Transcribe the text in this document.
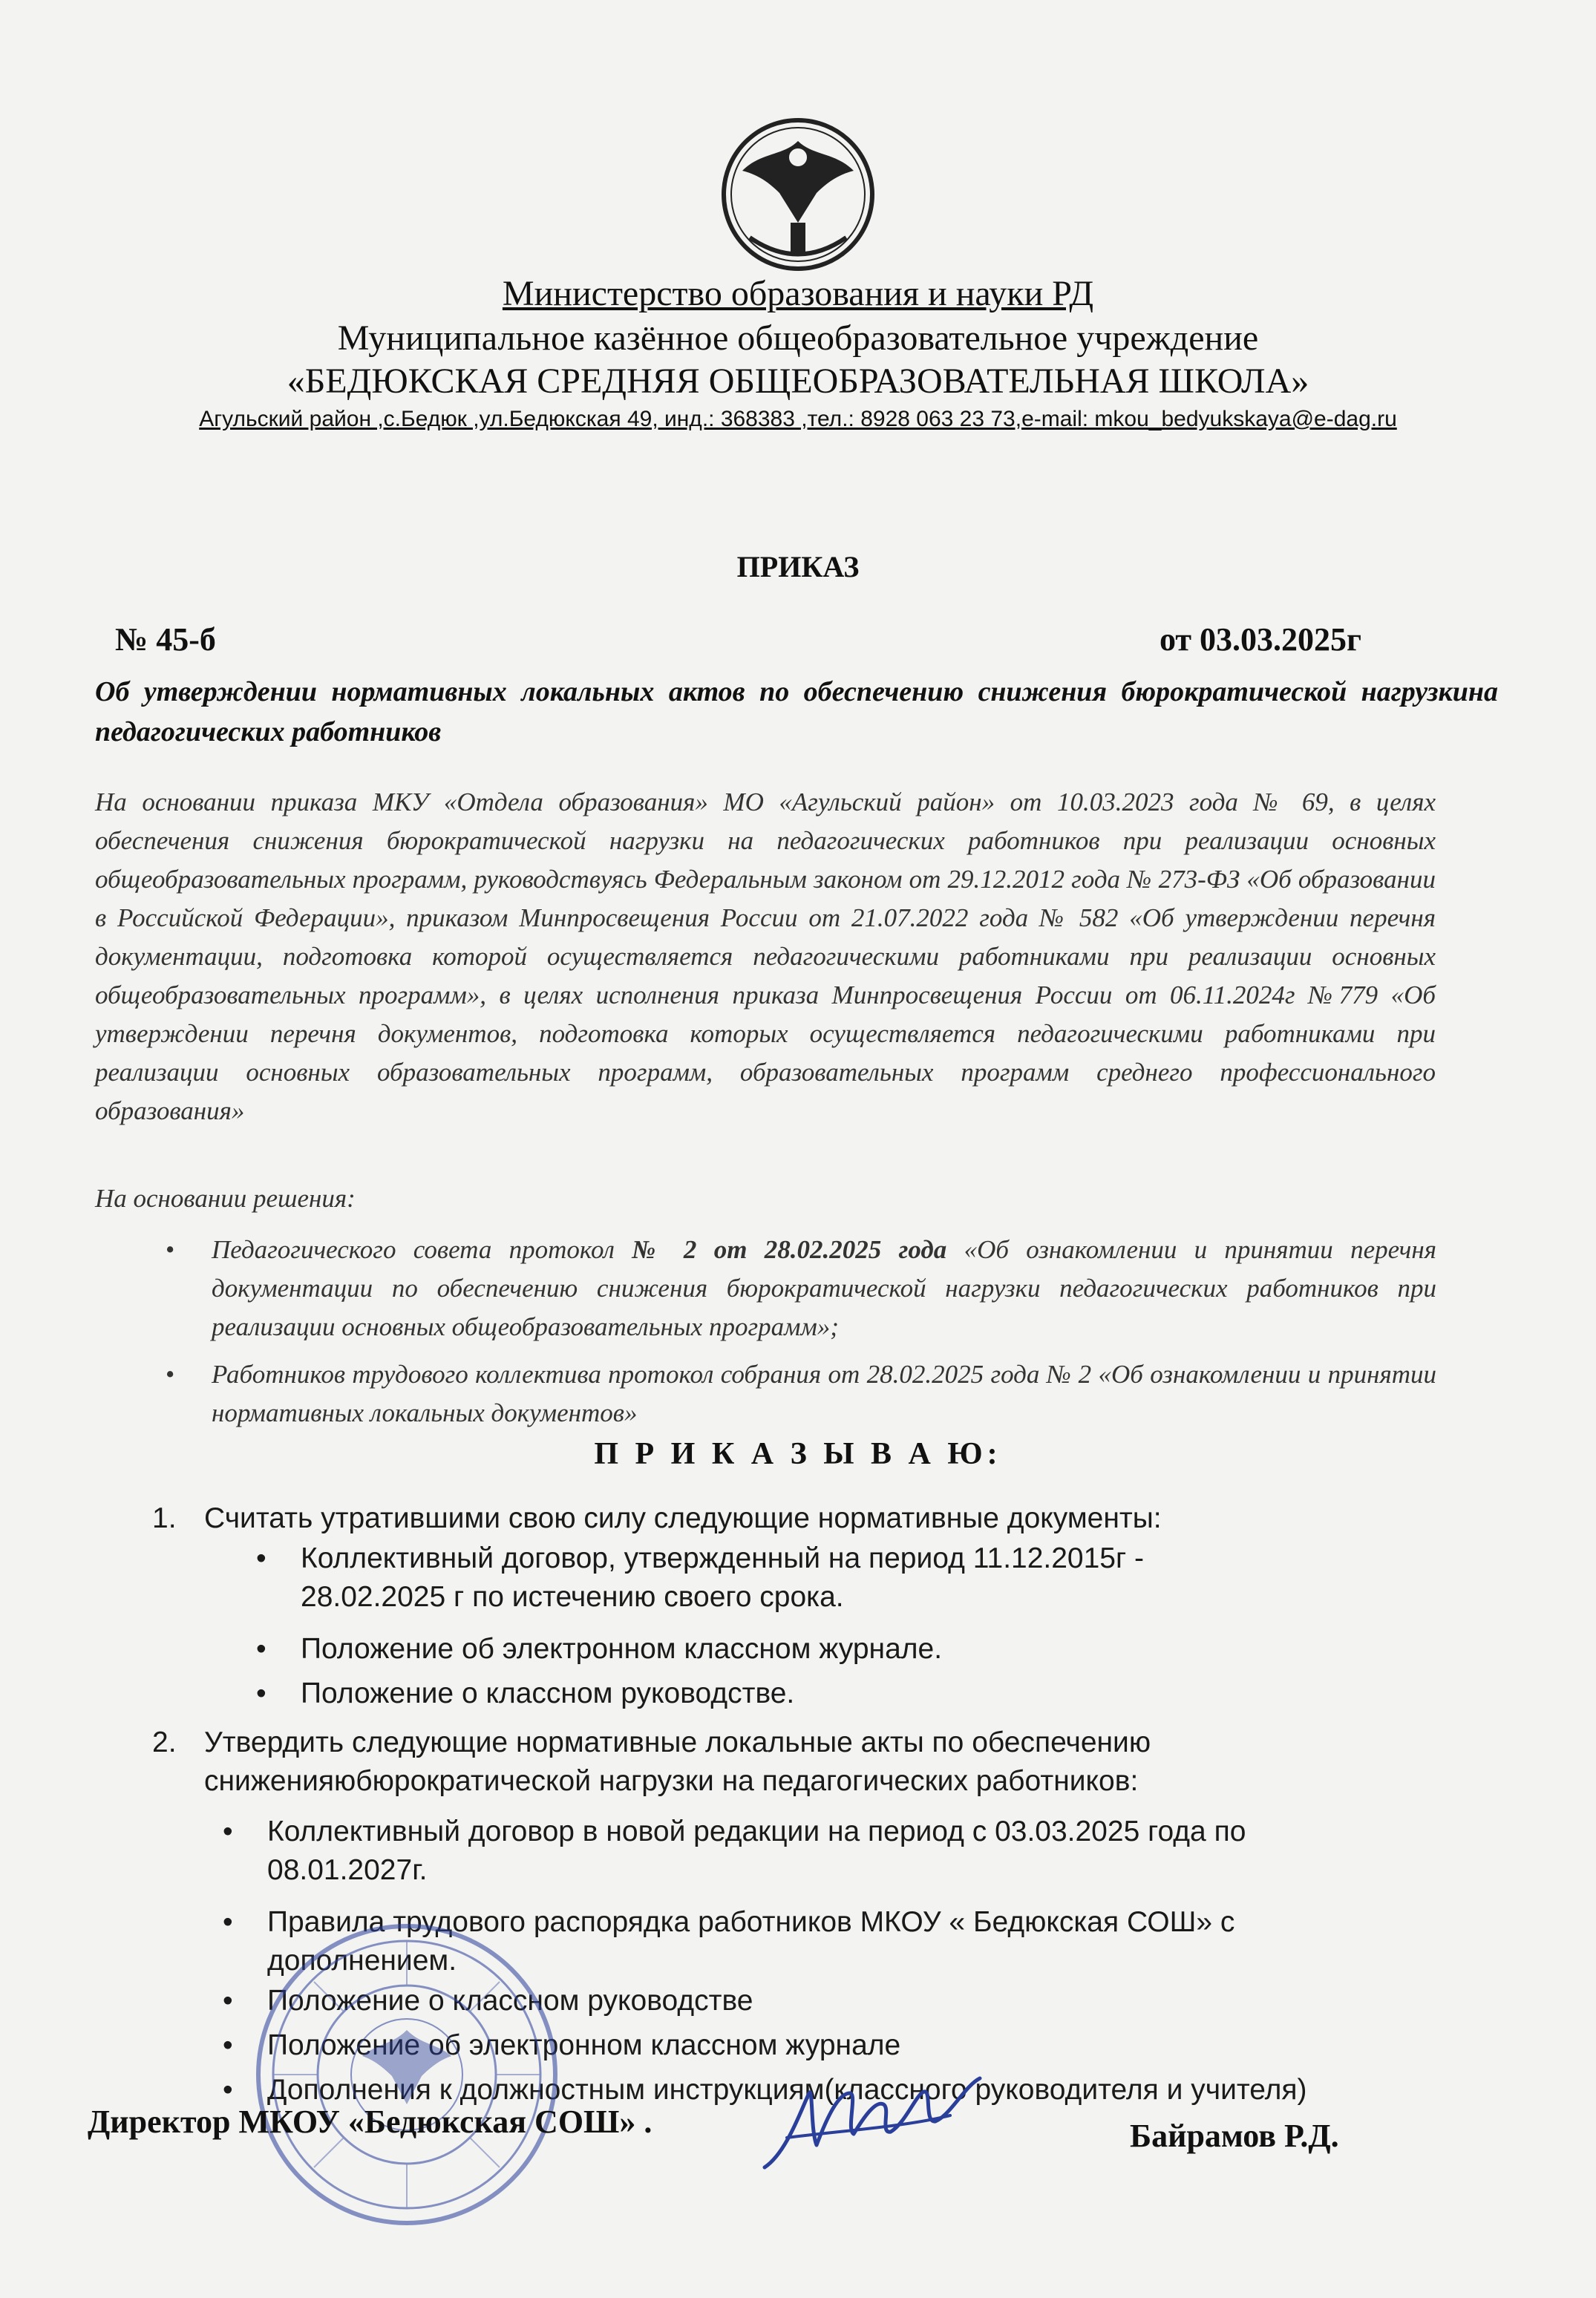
Министерство образования и науки РД
Муниципальное казённое общеобразовательное учреждение
«БЕДЮКСКАЯ СРЕДНЯЯ ОБЩЕОБРАЗОВАТЕЛЬНАЯ ШКОЛА»
Агульский район ,с.Бедюк ,ул.Бедюкская 49, инд.: 368383 ,тел.: 8928 063 23 73,e-mail: mkou_bedyukskaya@e-dag.ru
ПРИКАЗ
№ 45-б	от 03.03.2025г
Об утверждении нормативных локальных актов по обеспечению снижения бюрократической нагрузкина педагогических работников
На основании приказа МКУ «Отдела образования» МО «Агульский район» от 10.03.2023 года № 69, в целях обеспечения снижения бюрократической нагрузки на педагогических работников при реализации основных общеобразовательных программ, руководствуясь Федеральным законом от 29.12.2012 года № 273-ФЗ «Об образовании в Российской Федерации», приказом Минпросвещения России от 21.07.2022 года № 582 «Об утверждении перечня документации, подготовка которой осуществляется педагогическими работниками при реализации основных общеобразовательных программ», в целях исполнения приказа Минпросвещения России от 06.11.2024г №779 «Об утверждении перечня документов, подготовка которых осуществляется педагогическими работниками при реализации основных образовательных программ, образовательных программ среднего профессионального образования»
На основании решения:
• Педагогического совета протокол № 2 от 28.02.2025 года «Об ознакомлении и принятии перечня документации по обеспечению снижения бюрократической нагрузки педагогических работников при реализации основных общеобразовательных программ»;
• Работников трудового коллектива протокол собрания от 28.02.2025 года № 2 «Об ознакомлении и принятии нормативных локальных документов»
П Р И К А З Ы В А Ю:
1. Считать утратившими свою силу следующие нормативные документы:
• Коллективный договор, утвержденный на период 11.12.2015г - 28.02.2025 г по истечению своего срока.
• Положение об электронном классном журнале.
• Положение о классном руководстве.
2. Утвердить следующие нормативные локальные акты по обеспечению сниженияюбюрократической нагрузки на педагогических работников:
• Коллективный договор в новой редакции на период с 03.03.2025 года по 08.01.2027г.
• Правила трудового распорядка работников МКОУ « Бедюкская СОШ» с дополнением.
• Положение о классном руководстве
• Положение об электронном классном журнале
• Дополнения к должностным инструкциям(классного руководителя и учителя)
Директор МКОУ «Бедюкская СОШ» .	Байрамов Р.Д.
